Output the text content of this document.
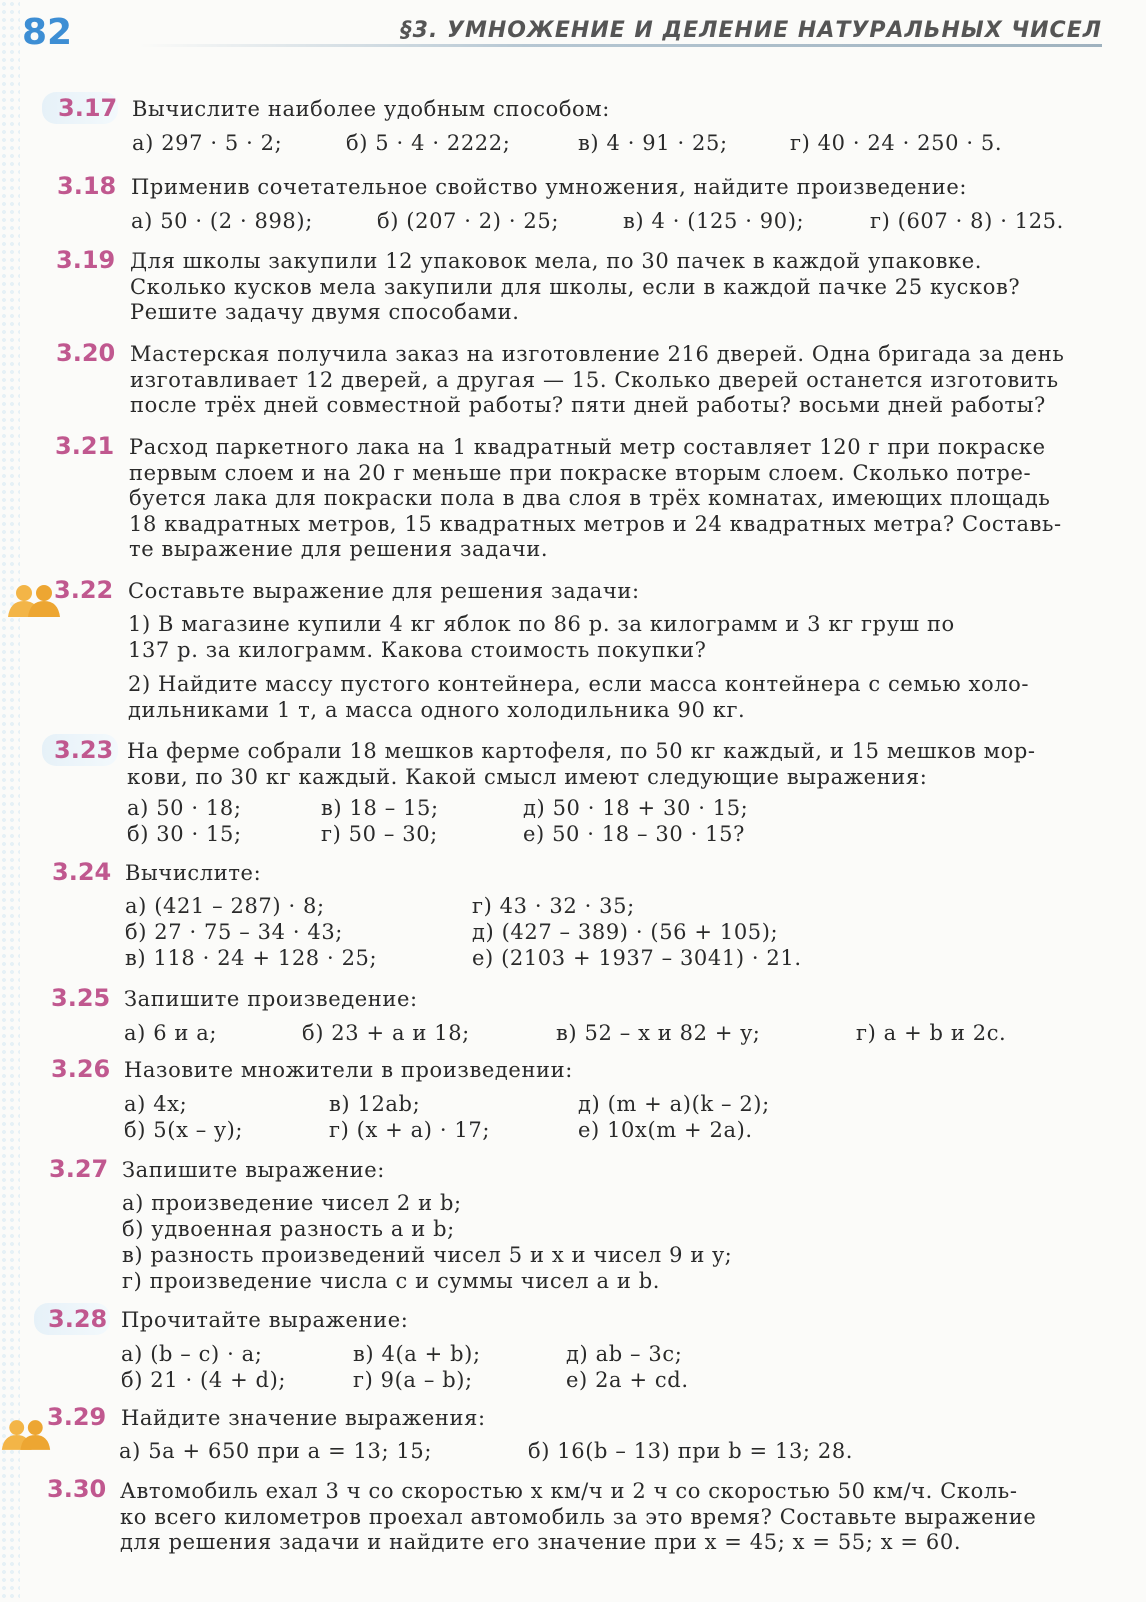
82	§3. УМНОЖЕНИЕ И ДЕЛЕНИЕ НАТУРАЛЬНЫХ ЧИСЕЛ
3.17 Вычислите наиболее удобным способом:
а) 297 · 5 · 2;	б) 5 · 4 · 2222;	в) 4 · 91 · 25;	г) 40 · 24 · 250 · 5.
3.18 Применив сочетательное свойство умножения, найдите произведение:
а) 50 · (2 · 898);	б) (207 · 2) · 25;	в) 4 · (125 · 90);	г) (607 · 8) · 125.
3.19 Для школы закупили 12 упаковок мела, по 30 пачек в каждой упаковке.
Сколько кусков мела закупили для школы, если в каждой пачке 25 кусков?
Решите задачу двумя способами.
3.20 Мастерская получила заказ на изготовление 216 дверей. Одна бригада за день
изготавливает 12 дверей, а другая — 15. Сколько дверей останется изготовить
после трёх дней совместной работы? пяти дней работы? восьми дней работы?
3.21 Расход паркетного лака на 1 квадратный метр составляет 120 г при покраске
первым слоем и на 20 г меньше при покраске вторым слоем. Сколько потре-
буется лака для покраски пола в два слоя в трёх комнатах, имеющих площадь
18 квадратных метров, 15 квадратных метров и 24 квадратных метра? Составь-
те выражение для решения задачи.
3.22 Составьте выражение для решения задачи:
1) В магазине купили 4 кг яблок по 86 р. за килограмм и 3 кг груш по
137 р. за килограмм. Какова стоимость покупки?
2) Найдите массу пустого контейнера, если масса контейнера с семью холо-
дильниками 1 т, а масса одного холодильника 90 кг.
3.23 На ферме собрали 18 мешков картофеля, по 50 кг каждый, и 15 мешков мор-
кови, по 30 кг каждый. Какой смысл имеют следующие выражения:
а) 50 · 18;
б) 30 · 15;
в) 18 – 15;
г) 50 – 30;
д) 50 · 18 + 30 · 15;
е) 50 · 18 – 30 · 15?
3.24 Вычислите:
а) (421 – 287) · 8;
б) 27 · 75 – 34 · 43;
в) 118 · 24 + 128 · 25;
г) 43 · 32 · 35;
д) (427 – 389) · (56 + 105);
е) (2103 + 1937 – 3041) · 21.
3.25 Запишите произведение:
а) 6 и a;	б) 23 + a и 18;	в) 52 – x и 82 + y;	г) a + b и 2c.
3.26 Назовите множители в произведении:
а) 4x;
б) 5(x – y);
в) 12ab;
г) (x + a) · 17;
д) (m + a)(k – 2);
е) 10x(m + 2a).
3.27 Запишите выражение:
а) произведение чисел 2 и b;
б) удвоенная разность a и b;
в) разность произведений чисел 5 и x и чисел 9 и y;
г) произведение числа c и суммы чисел a и b.
3.28 Прочитайте выражение:
а) (b – c) · a;
б) 21 · (4 + d);
в) 4(a + b);
г) 9(a – b);
д) ab – 3c;
е) 2a + cd.
3.29 Найдите значение выражения:
а) 5a + 650 при a = 13; 15;	б) 16(b – 13) при b = 13; 28.
3.30 Автомобиль ехал 3 ч со скоростью x км/ч и 2 ч со скоростью 50 км/ч. Сколь-
ко всего километров проехал автомобиль за это время? Составьте выражение
для решения задачи и найдите его значение при x = 45; x = 55; x = 60.
